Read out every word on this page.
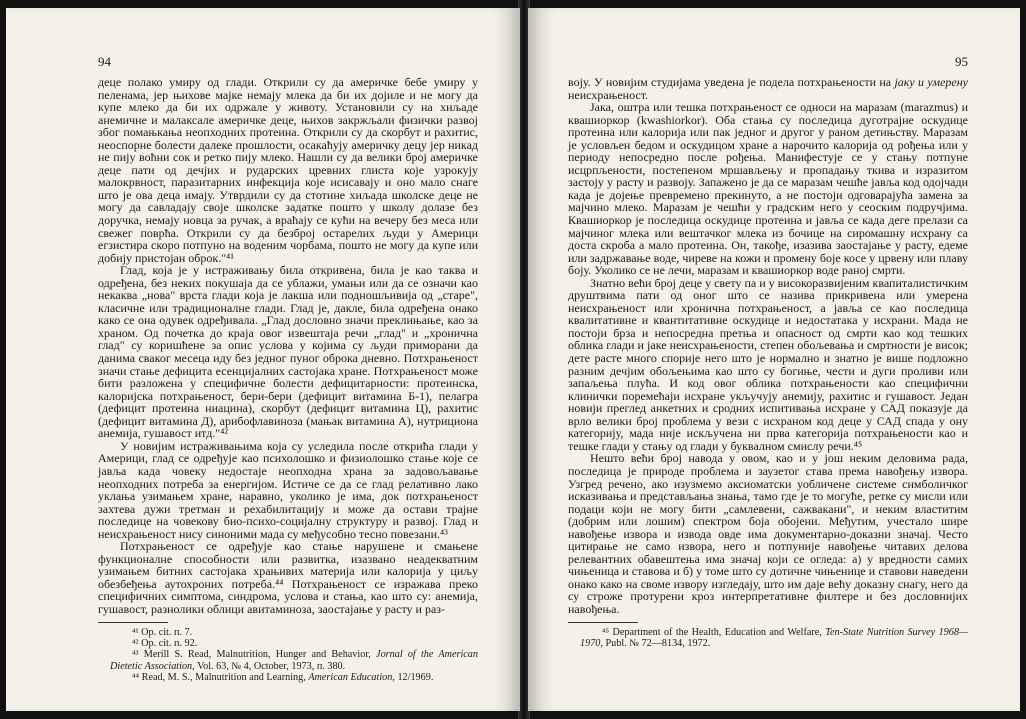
94

деце полако умиру од глади. Открили су да америчке бебе умиру у пеленама, јер њихове мајке немају млека да би их дојиле и не могу да купе млеко да би их одржале у животу. Установили су на хиљаде анемичне и малаксале америчке деце, њихов закржљали физички развој због помањкања неопходних протеина. Открили су да скорбут и рахитис, неоспорне болести далеке прошлости, осакаћују америчку децу јер никад не пију воћни сок и ретко пију млеко. Нашли су да велики број америчке деце пати од дечјих и рударских цревних глиста које узрокују малокрвност, паразитарних инфекција које исисавају и оно мало снаге што је ова деца имају. Утврдили су да стотине хиљада школске деце не могу да савладају своје школске задатке пошто у школу долазе без доручка, немају новца за ручак, а враћају се кући на вечеру без меса или свежег поврћа. Открили су да безброј остарелих људи у Америци егзистира скоро потпуно на воденим чорбама, пошто не могу да купе или добију пристојан оброк."⁴¹

Глад, која је у истраживању била откривена, била је као таква и одређена, без неких покушаја да се ублажи, умањи или да се означи као некаква „нова" врста глади која је лакша или подношљивија од „старе", класичне или традиционалне глади. Глад је, дакле, била одређена онако како се она одувек одређивала. „Глад дословно значи преклињање, као за храном. Од почетка до краја овог извештаја речи „глад" и „хронична глад" су коришћене за опис услова у којима су људи приморани да данима сваког месеца иду без једног пуног оброка дневно. Потхрањеност значи стање дефицита есенцијалних састојака хране. Потхрањеност може бити разложена у специфичне болести дефицитарности: протеинска, калоријска потхрањеност, бери-бери (дефицит витамина Б-1), пелагра (дефицит протеина ниацина), скорбут (дефицит витамина Ц), рахитис (дефицит витамина Д), арибофлавиноза (мањак витамина А), нутрициона анемија, гушавост итд."⁴²

У новијим истраживањима која су уследила после открића глади у Америци, глад се одређује као психолошко и физиолошко стање које се јавља када човеку недостаје неопходна храна за задовољавање неопходних потреба за енергијом. Истиче се да се глад релативно лако уклања узимањем хране, наравно, уколико је има, док потхрањеност захтева дужи третман и рехабилитацију и може да остави трајне последице на човекову био-психо-социјалну структуру и развој. Глад и неисхрањеност нису синоними мада су међусобно тесно повезани.⁴³

Потхрањеност се одређује као стање нарушене и смањене функционалне способности или развитка, изазвано неадекватним узимањем битних састојака храњивих материја или калорија у циљу обезбеђења аутохроних потреба.⁴⁴ Потхрањеност се изражава преко специфичних симптома, синдрома, услова и стања, као што су: анемија, гушавост, разнолики облици авитаминоза, заостајање у расту и раз-

⁴¹ Op. cit. п. 7.

⁴² Op. cit. п. 92.

⁴³ Merill S. Read, Malnutrition, Hunger and Behavior, Jornal of the American Dietetic Association, Vol. 63, № 4, October, 1973, п. 380.

⁴⁴ Read, M. S., Malnutrition and Learning, American Education, 12/1969.

95

воју. У новијим студијама уведена је подела потхрањености на јаку и умерену неисхрањеност.

Јака, оштра или тешка потхрањеност се односи на маразам (marazmus) и квашиоркор (kwashiorkor). Оба стања су последица дуготрајне оскудице протеина или калорија или пак једног и другог у раном детињству. Маразам је условљен бедом и оскудицом хране а нарочито калорија од рођења или у периоду непосредно после рођења. Манифестује се у стању потпуне исцрпљености, постепеном мршављењу и пропадању ткива и изразитом застоју у расту и развоју. Запажено је да се маразам чешће јавља код одојчади када је дојење превремено прекинуто, а не постоји одговарајућа замена за мајчино млеко. Маразам је чешћи у градским него у сеоским подручјима. Квашиоркор је последица оскудице протеина и јавља се када деге прелази са мајчиног млека или вештачког млека из бочице на сиромашну исхрану са доста скроба а мало протеина. Он, такође, изазива заостајање у расту, едеме или задржавање воде, чиреве на кожи и промену боје косе у црвену или плаву боју. Уколико се не лечи, маразам и квашиоркор воде раној смрти.

Знатно већи број деце у свету па и у високоразвијеним квапиталистичким друштвима пати од оног што се назива прикривена или умерена неисхрањеност или хронична потхрањеност, а јавља се као последица квалитативне и квантитативне оскудице и недостатака у исхрани. Мада не постоји брза и непосредна претња и опасност од смрти као код тешких облика глади и јаке неисхрањености, степен обољевања и смртности је висок; дете расте много спорије него што је нормално и знатно је више подложно разним дечјим обољењима као што су богиње, чести и дуги проливи или запаљења плућа. И код овог облика потхрањености као специфични клинички поремећаји исхране укључују анемију, рахитис и гушавост. Један новији преглед анкетних и сродних испитивања исхране у САД показује да врло велики број проблема у вези с исхраном код деце у САД спада у ону категорију, мада није искључена ни прва категорија потхрањености као и тешке глади у стању од глади у буквалном смислу речи.⁴⁵

Нешто већи број навода у овом, као и у још неким деловима рада, последица је природе проблема и заузетог става према навођењу извора. Узгред речено, ако изузмемо аксиоматски уобличене системе симболичког исказивања и представљања знања, тамо где је то могуће, ретке су мисли или подаци који не могу бити „самлевени, сажвакани", и неким властитим (добрим или лошим) спектром боја обојени. Међутим, учестало шире навођење извора и извода овде има документарно-доказни значај. Често цитирање не само извора, него и потпуније навођење читавих делова релевантних обавештења има значај који се огледа: а) у вредности самих чињеница и ставова и б) у томе што су дотичне чињенице и ставови наведени онако како на своме извору изгледају, што им даје већу доказну снагу, него да су строже протурени кроз интерпретативне филтере и без дословнијих навођења.

⁴⁵ Department of the Health, Education and Welfare, Ten-State Nutrition Survey 1968—1970, Publ. № 72—8134, 1972.
